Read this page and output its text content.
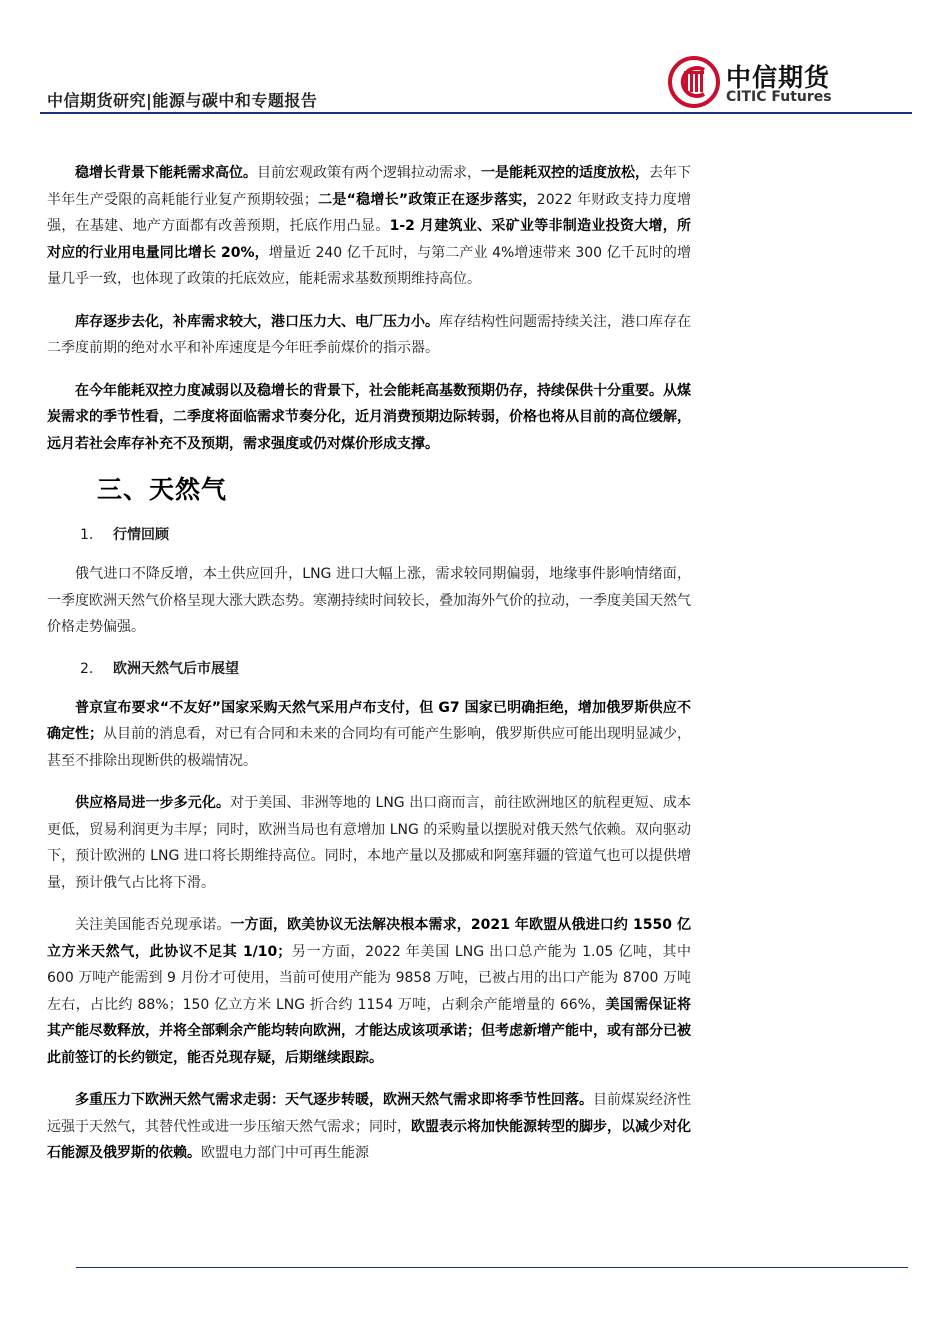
中信期货研究|能源与碳中和专题报告
中信期货
CITIC Futures

稳增长背景下能耗需求高位。目前宏观政策有两个逻辑拉动需求，一是能耗双控的适度放松，去年下半年生产受限的高耗能行业复产预期较强；二是“稳增长”政策正在逐步落实，2022 年财政支持力度增强，在基建、地产方面都有改善预期，托底作用凸显。1-2 月建筑业、采矿业等非制造业投资大增，所对应的行业用电量同比增长 20%，增量近 240 亿千瓦时，与第二产业 4%增速带来 300 亿千瓦时的增量几乎一致，也体现了政策的托底效应，能耗需求基数预期维持高位。

库存逐步去化，补库需求较大，港口压力大、电厂压力小。库存结构性问题需持续关注，港口库存在二季度前期的绝对水平和补库速度是今年旺季前煤价的指示器。

在今年能耗双控力度减弱以及稳增长的背景下，社会能耗高基数预期仍存，持续保供十分重要。从煤炭需求的季节性看，二季度将面临需求节奏分化，近月消费预期边际转弱，价格也将从目前的高位缓解，远月若社会库存补充不及预期，需求强度或仍对煤价形成支撑。

三、天然气
1. 行情回顾

俄气进口不降反增，本土供应回升，LNG 进口大幅上涨，需求较同期偏弱，地缘事件影响情绪面，一季度欧洲天然气价格呈现大涨大跌态势。寒潮持续时间较长，叠加海外气价的拉动，一季度美国天然气价格走势偏强。

2. 欧洲天然气后市展望

普京宣布要求“不友好”国家采购天然气采用卢布支付，但 G7 国家已明确拒绝，增加俄罗斯供应不确定性；从目前的消息看，对已有合同和未来的合同均有可能产生影响，俄罗斯供应可能出现明显减少，甚至不排除出现断供的极端情况。

供应格局进一步多元化。对于美国、非洲等地的 LNG 出口商而言，前往欧洲地区的航程更短、成本更低，贸易利润更为丰厚；同时，欧洲当局也有意增加 LNG 的采购量以摆脱对俄天然气依赖。双向驱动下，预计欧洲的 LNG 进口将长期维持高位。同时，本地产量以及挪威和阿塞拜疆的管道气也可以提供增量，预计俄气占比将下滑。

关注美国能否兑现承诺。一方面，欧美协议无法解决根本需求，2021 年欧盟从俄进口约 1550 亿立方米天然气，此协议不足其 1/10；另一方面，2022 年美国 LNG 出口总产能为 1.05 亿吨，其中 600 万吨产能需到 9 月份才可使用，当前可使用产能为 9858 万吨，已被占用的出口产能为 8700 万吨左右，占比约 88%；150 亿立方米 LNG 折合约 1154 万吨，占剩余产能增量的 66%，美国需保证将其产能尽数释放，并将全部剩余产能均转向欧洲，才能达成该项承诺；但考虑新增产能中，或有部分已被此前签订的长约锁定，能否兑现存疑，后期继续跟踪。

多重压力下欧洲天然气需求走弱：天气逐步转暖，欧洲天然气需求即将季节性回落。目前煤炭经济性远强于天然气，其替代性或进一步压缩天然气需求；同时，欧盟表示将加快能源转型的脚步，以减少对化石能源及俄罗斯的依赖。欧盟电力部门中可再生能源
